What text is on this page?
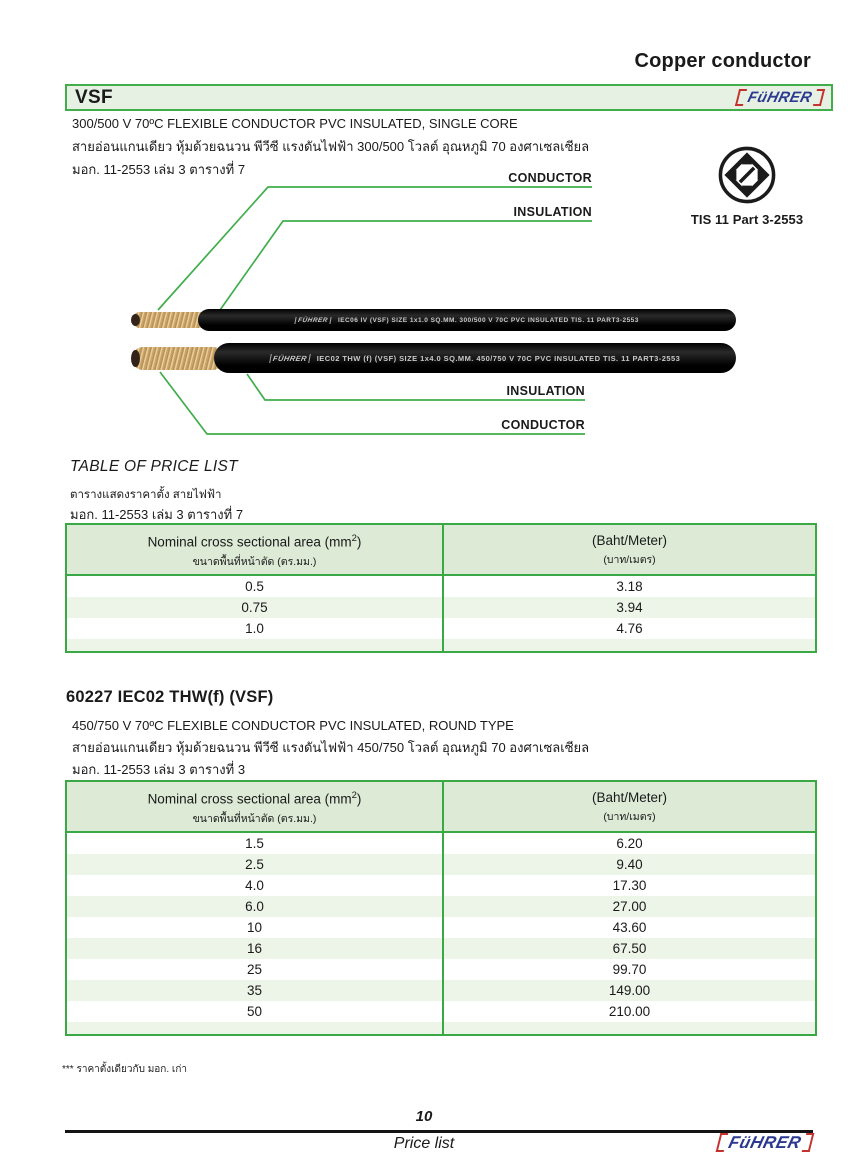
Copper conductor
VSF	FüHRER
300/500 V 70ºC FLEXIBLE CONDUCTOR PVC INSULATED, SINGLE CORE
สายอ่อนแกนเดียว หุ้มด้วยฉนวน พีวีซี แรงดันไฟฟ้า 300/500 โวลต์ อุณหภูมิ 70 องศาเซลเซียล
มอก. 11-2553 เล่ม 3 ตารางที่ 7
CONDUCTOR
INSULATION
INSULATION
CONDUCTOR
TIS 11 Part 3-2553
FÜHRER IEC06 IV (VSF) SIZE 1x1.0 SQ.MM. 300/500 V 70C PVC INSULATED TIS. 11 PART3-2553
FÜHRER IEC02 THW (f) (VSF) SIZE 1x4.0 SQ.MM. 450/750 V 70C PVC INSULATED TIS. 11 PART3-2553
TABLE OF PRICE LIST
ตารางแสดงราคาตั้ง สายไฟฟ้า
มอก. 11-2553 เล่ม 3 ตารางที่ 7
Nominal cross sectional area $(mm^2)$
ขนาดพื้นที่หน้าตัด (ตร.มม.)

(Baht/Meter)
(บาท/เมตร)

0.5	3.18
0.75	3.94
1.0	4.76

60227 IEC02 THW(f) (VSF)
450/750 V 70ºC FLEXIBLE CONDUCTOR PVC INSULATED, ROUND TYPE
สายอ่อนแกนเดียว หุ้มด้วยฉนวน พีวีซี แรงดันไฟฟ้า 450/750 โวลต์ อุณหภูมิ 70 องศาเซลเซียล
มอก. 11-2553 เล่ม 3 ตารางที่ 3
Nominal cross sectional area $(mm^2)$
ขนาดพื้นที่หน้าตัด (ตร.มม.)

(Baht/Meter)
(บาท/เมตร)

1.5	6.20
2.5	9.40
4.0	17.30
6.0	27.00
10	43.60
16	67.50
25	99.70
35	149.00
50	210.00

*** ราคาตั้งเดียวกับ มอก. เก่า
10
Price list	FüHRER
